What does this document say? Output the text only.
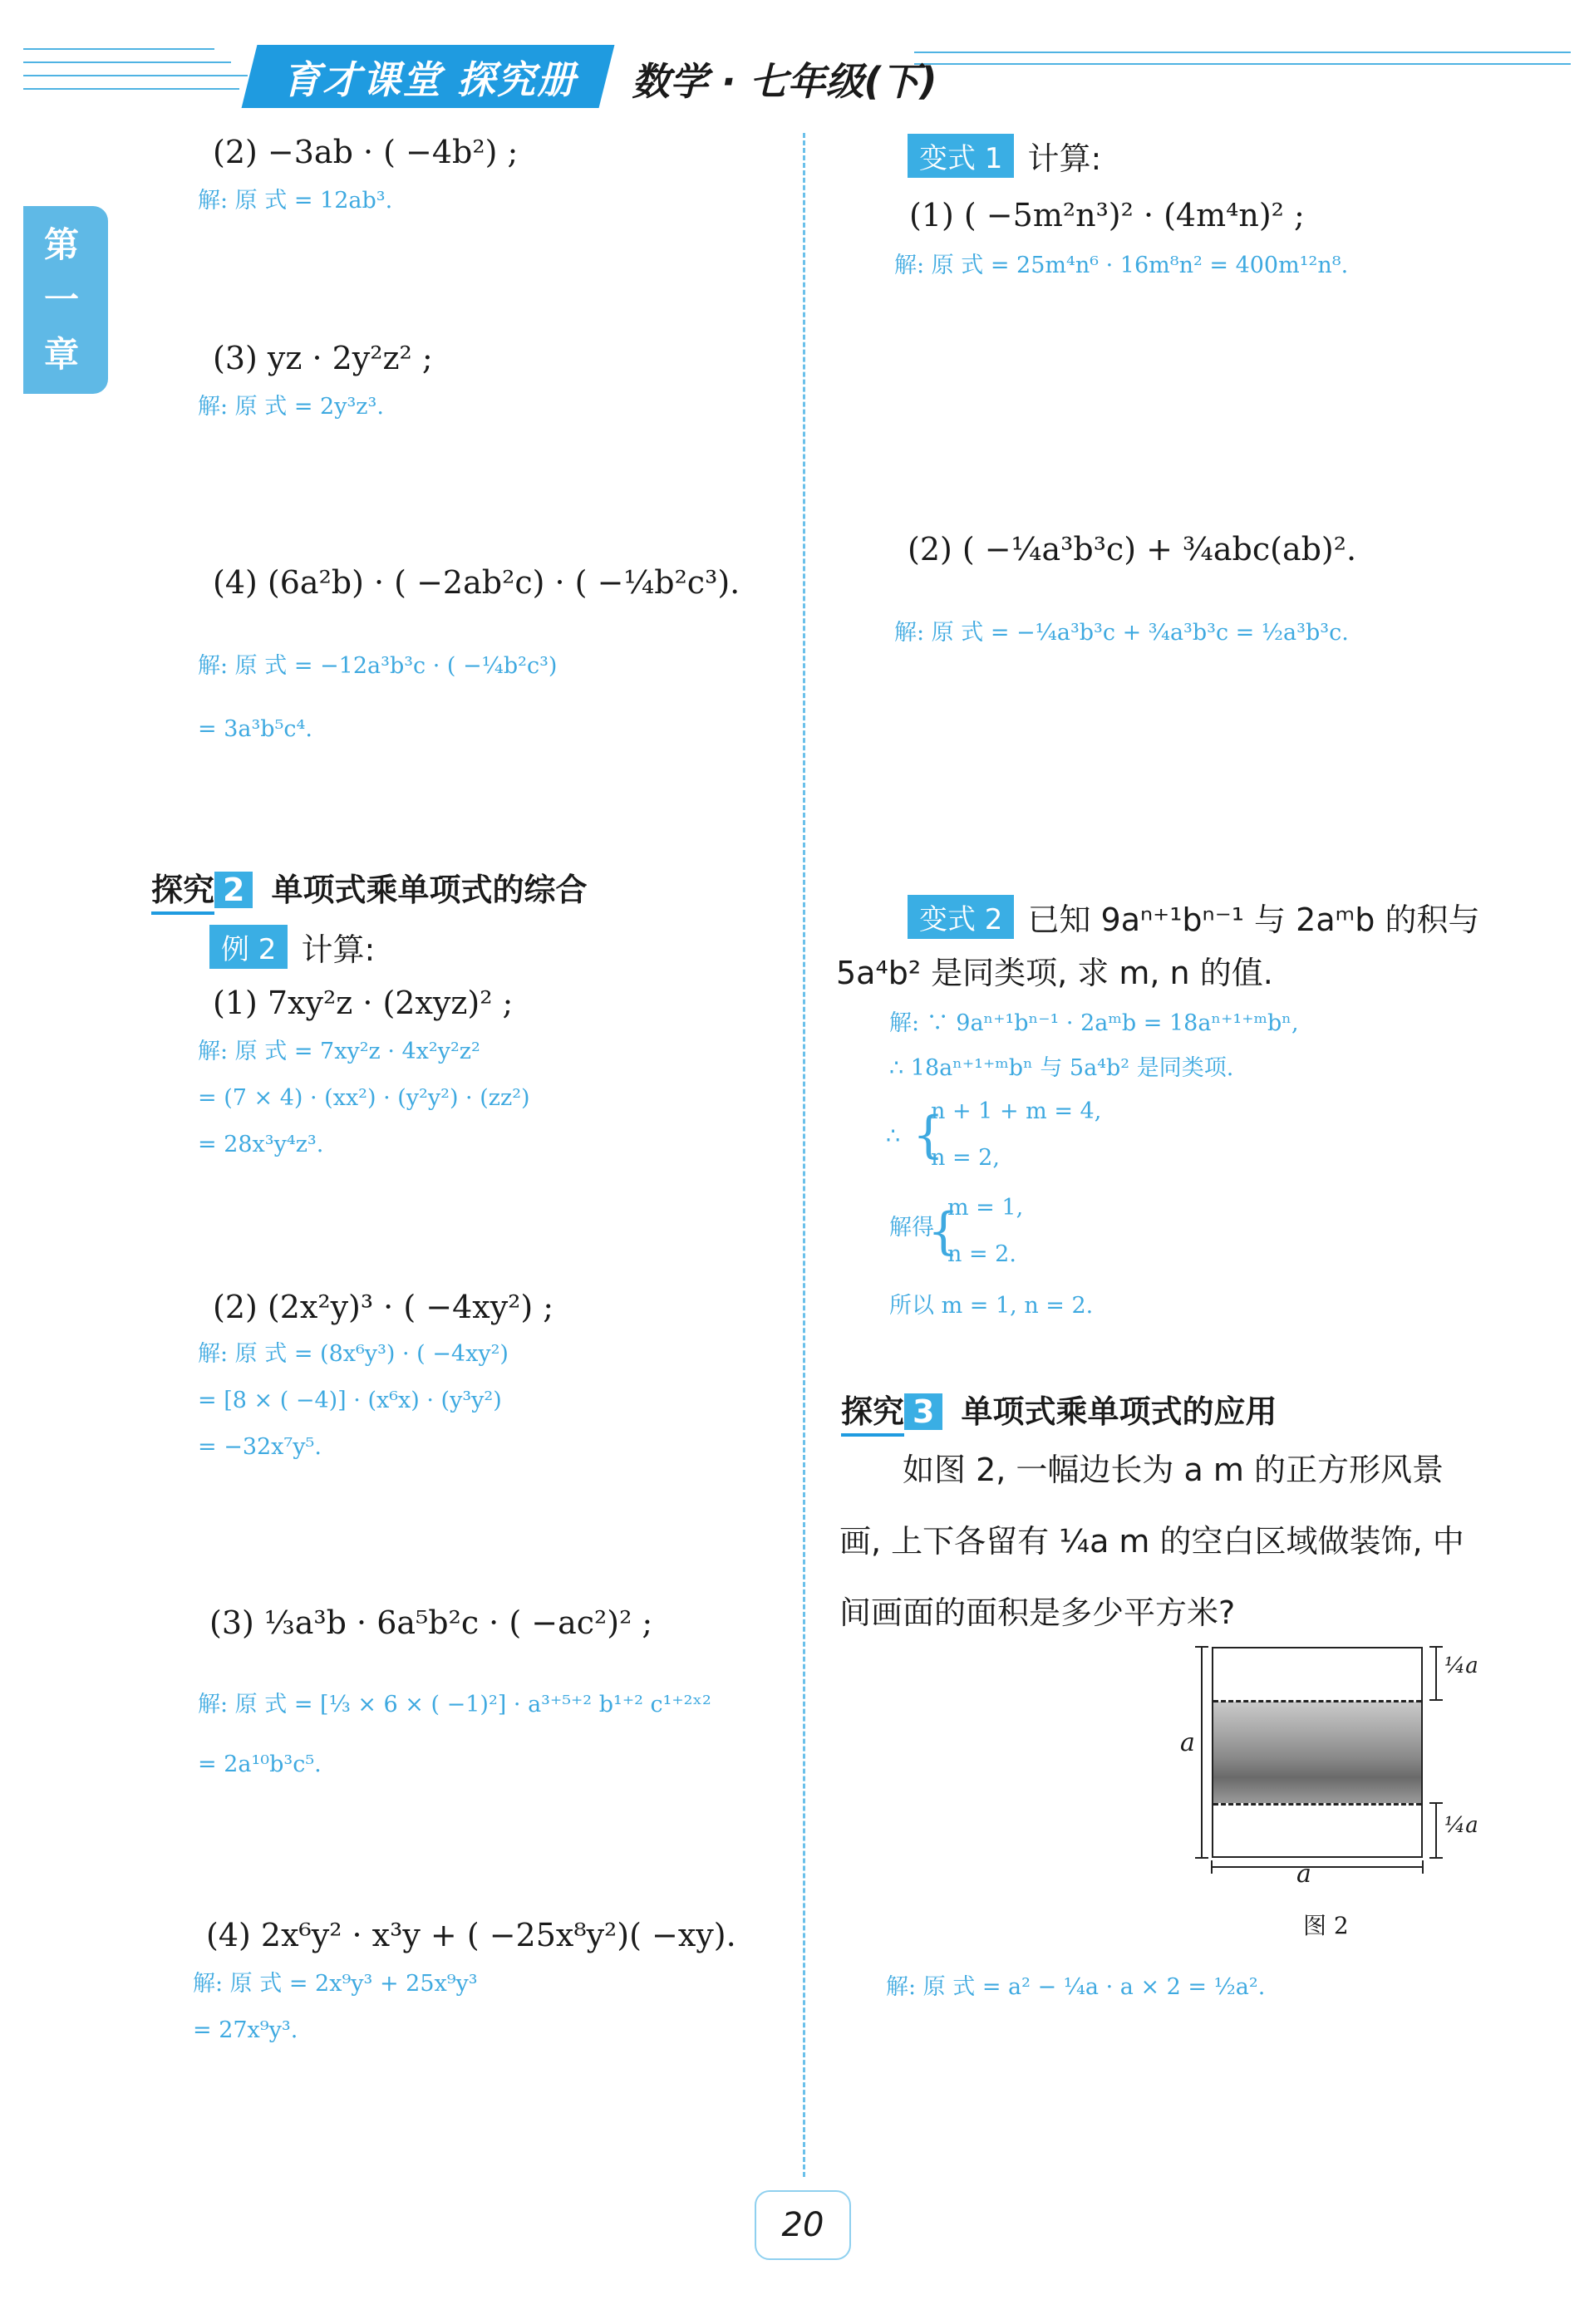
育才课堂 探究册 数学 · 七年级(下)
第一章
(2) −3ab · ( −4b²) ;
解: 原 式 = 12ab³.
(3) yz · 2y²z² ;
解: 原 式 = 2y³z³.
(4) (6a²b) · ( −2ab²c) · ( −¼b²c³).
解: 原 式 = −12a³b³c · ( −¼b²c³)
= 3a³b⁵c⁴.
探究 2 单项式乘单项式的综合
例 2 计算:
(1) 7xy²z · (2xyz)² ;
解: 原 式 = 7xy²z · 4x²y²z²
= (7 × 4) · (xx²) · (y²y²) · (zz²)
= 28x³y⁴z³.
(2) (2x²y)³ · ( −4xy²) ;
解: 原 式 = (8x⁶y³) · ( −4xy²)
= [8 × ( −4)] · (x⁶x) · (y³y²)
= −32x⁷y⁵.
(3) ⅓a³b · 6a⁵b²c · ( −ac²)² ;
解: 原 式 = [⅓ × 6 × ( −1)²] · a³⁺⁵⁺² b¹⁺² c¹⁺²ˣ²
= 2a¹⁰b³c⁵.
(4) 2x⁶y² · x³y + ( −25x⁸y²)( −xy).
解: 原 式 = 2x⁹y³ + 25x⁹y³
= 27x⁹y³.
变式 1 计算:
(1) ( −5m²n³)² · (4m⁴n)² ;
解: 原 式 = 25m⁴n⁶ · 16m⁸n² = 400m¹²n⁸.
(2) ( −¼a³b³c) + ¾abc(ab)².
解: 原 式 = −¼a³b³c + ¾a³b³c = ½a³b³c.
变式 2 已知 9aⁿ⁺¹bⁿ⁻¹ 与 2aᵐb 的积与
5a⁴b² 是同类项, 求 m, n 的值.
解: ∵ 9aⁿ⁺¹bⁿ⁻¹ · 2aᵐb = 18aⁿ⁺¹⁺ᵐbⁿ,
∴ 18aⁿ⁺¹⁺ᵐbⁿ 与 5a⁴b² 是同类项.
∴ {
n + 1 + m = 4,
n = 2,
解得
{
m = 1,
n = 2.
所以 m = 1, n = 2.
探究 3 单项式乘单项式的应用
如图 2, 一幅边长为 a m 的正方形风景
画, 上下各留有 ¼a m 的空白区域做装饰, 中
间画面的面积是多少平方米?
a
a
¼a
¼a
图 2
解: 原 式 = a² − ¼a · a × 2 = ½a².
20
